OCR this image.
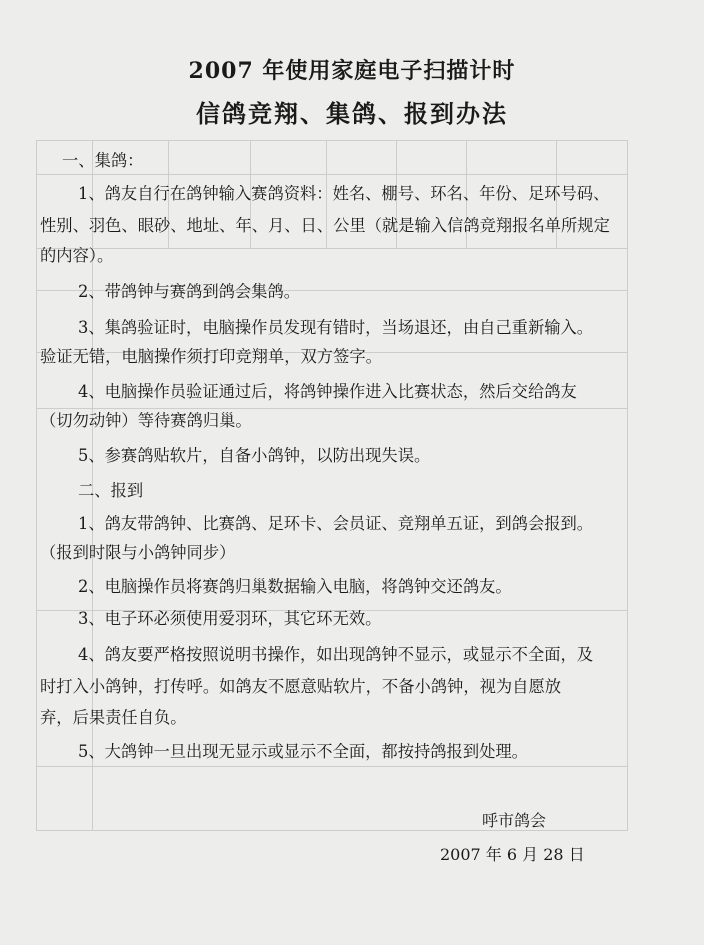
2007 年使用家庭电子扫描计时
信鸽竞翔、集鸽、报到办法
一、集鸽：
1、鸽友自行在鸽钟输入赛鸽资料：姓名、棚号、环名、年份、足环号码、
性别、羽色、眼砂、地址、年、月、日、公里（就是输入信鸽竞翔报名单所规定
的内容）。
2、带鸽钟与赛鸽到鸽会集鸽。
3、集鸽验证时，电脑操作员发现有错时，当场退还，由自己重新输入。
验证无错，电脑操作须打印竞翔单，双方签字。
4、电脑操作员验证通过后，将鸽钟操作进入比赛状态，然后交给鸽友
（切勿动钟）等待赛鸽归巢。
5、参赛鸽贴软片，自备小鸽钟，以防出现失误。
二、报到
1、鸽友带鸽钟、比赛鸽、足环卡、会员证、竞翔单五证，到鸽会报到。
（报到时限与小鸽钟同步）
2、电脑操作员将赛鸽归巢数据输入电脑，将鸽钟交还鸽友。
3、电子环必须使用爱羽环，其它环无效。
4、鸽友要严格按照说明书操作，如出现鸽钟不显示，或显示不全面，及
时打入小鸽钟，打传呼。如鸽友不愿意贴软片，不备小鸽钟，视为自愿放
弃，后果责任自负。
5、大鸽钟一旦出现无显示或显示不全面，都按持鸽报到处理。
呼市鸽会
2007 年 6 月 28 日
